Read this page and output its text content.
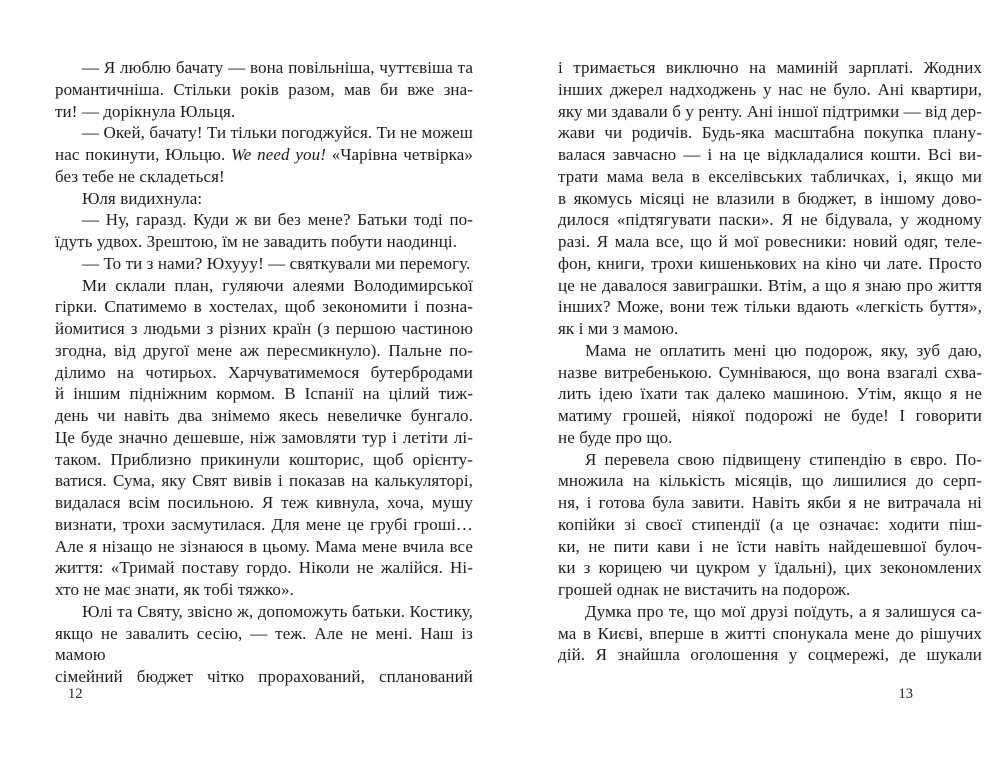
— Я люблю бачату — вона повільніша, чуттєвіша та
романтичніша. Стільки років разом, мав би вже зна-
ти! — дорікнула Юльця.
— Окей, бачату! Ти тільки погоджуйся. Ти не можеш
нас покинути, Юльцю. We need you! «Чарівна четвірка»
без тебе не складеться!
Юля видихнула:
— Ну, гаразд. Куди ж ви без мене? Батьки тоді по-
їдуть удвох. Зрештою, їм не завадить побути наодинці.
— То ти з нами? Юхууу! — святкували ми перемогу.
Ми склали план, гуляючи алеями Володимирської
гірки. Спатимемо в хостелах, щоб зекономити і позна-
йомитися з людьми з різних країн (з першою частиною
згодна, від другої мене аж пересмикнуло). Пальне по-
ділимо на чотирьох. Харчуватимемося бутербродами
й іншим підніжним кормом. В Іспанії на цілий тиж-
день чи навіть два знімемо якесь невеличке бунгало.
Це буде значно дешевше, ніж замовляти тур і летіти лі-
таком. Приблизно прикинули кошторис, щоб орієнту-
ватися. Сума, яку Свят вивів і показав на калькуляторі,
видалася всім посильною. Я теж кивнула, хоча, мушу
визнати, трохи засмутилася. Для мене це грубі гроші…
Але я нізащо не зізнаюся в цьому. Мама мене вчила все
життя: «Тримай поставу гордо. Ніколи не жалійся. Ні-
хто не має знати, як тобі тяжко».
Юлі та Святу, звісно ж, допоможуть батьки. Костику,
якщо не завалить сесію, — теж. Але не мені. Наш із мамою
сімейний бюджет чітко прорахований, спланований
і тримається виключно на маминій зарплаті. Жодних
інших джерел надходжень у нас не було. Ані квартири,
яку ми здавали б у ренту. Ані іншої підтримки — від дер-
жави чи родичів. Будь-яка масштабна покупка плану-
валася завчасно — і на це відкладалися кошти. Всі ви-
трати мама вела в екселівських табличках, і, якщо ми
в якомусь місяці не влазили в бюджет, в іншому дово-
дилося «підтягувати паски». Я не бідувала, у жодному
разі. Я мала все, що й мої ровесники: новий одяг, теле-
фон, книги, трохи кишенькових на кіно чи лате. Просто
це не давалося завиграшки. Втім, а що я знаю про життя
інших? Може, вони теж тільки вдають «легкість буття»,
як і ми з мамою.
Мама не оплатить мені цю подорож, яку, зуб даю,
назве витребенькою. Сумніваюся, що вона взагалі схва-
лить ідею їхати так далеко машиною. Утім, якщо я не
матиму грошей, ніякої подорожі не буде! І говорити
не буде про що.
Я перевела свою підвищену стипендію в євро. По-
множила на кількість місяців, що лишилися до серп-
ня, і готова була завити. Навіть якби я не витрачала ні
копійки зі своєї стипендії (а це означає: ходити піш-
ки, не пити кави і не їсти навіть найдешевшої булоч-
ки з корицею чи цукром у їдальні), цих зекономлених
грошей однак не вистачить на подорож.
Думка про те, що мої друзі поїдуть, а я залишуся са-
ма в Києві, вперше в житті спонукала мене до рішучих
дій. Я знайшла оголошення у соцмережі, де шукали
12	13
